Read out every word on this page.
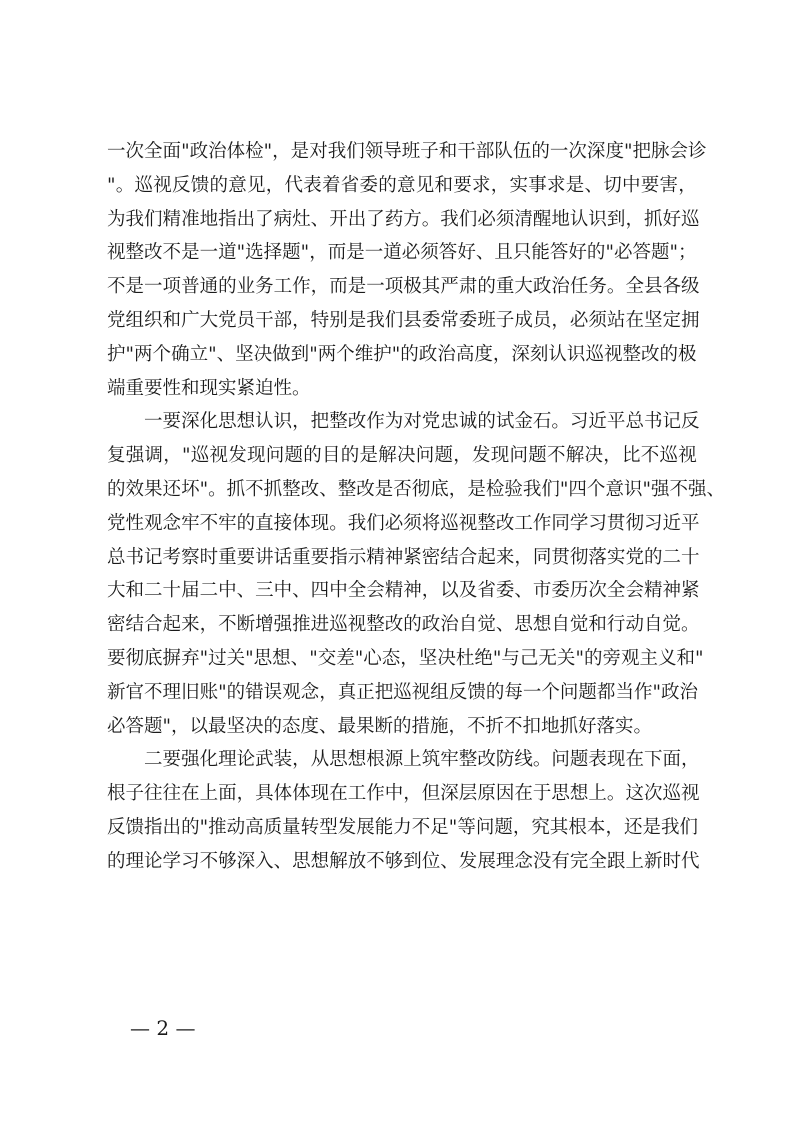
一 次 全 面 " 政 治 体 检 " ， 是 对 我 们 领 导 班 子 和 干 部 队 伍 的 一 次 深 度 " 把 脉 会 诊
" 。 巡 视 反 馈 的 意 见 ， 代 表 着 省 委 的 意 见 和 要 求 ， 实 事 求 是 、 切 中 要 害 ，
为 我 们 精 准 地 指 出 了 病 灶 、 开 出 了 药 方 。 我 们 必 须 清 醒 地 认 识 到 ， 抓 好 巡
视 整 改 不 是 一 道 " 选 择 题 " ， 而 是 一 道 必 须 答 好 、 且 只 能 答 好 的 " 必 答 题 " ；
不 是 一 项 普 通 的 业 务 工 作 ， 而 是 一 项 极 其 严 肃 的 重 大 政 治 任 务 。 全 县 各 级
党 组 织 和 广 大 党 员 干 部 ， 特 别 是 我 们 县 委 常 委 班 子 成 员 ， 必 须 站 在 坚 定 拥
护 " 两 个 确 立 " 、 坚 决 做 到 " 两 个 维 护 " 的 政 治 高 度 ， 深 刻 认 识 巡 视 整 改 的 极
端重要性和现实紧迫性。

一 要 深 化 思 想 认 识 ， 把 整 改 作 为 对 党 忠 诚 的 试 金 石 。 习 近 平 总 书 记 反
复 强 调 ， " 巡 视 发 现 问 题 的 目 的 是 解 决 问 题 ， 发 现 问 题 不 解 决 ， 比 不 巡 视
的 效 果 还 坏 " 。 抓 不 抓 整 改 、 整 改 是 否 彻 底 ， 是 检 验 我 们 " 四 个 意 识 " 强 不 强 、
党 性 观 念 牢 不 牢 的 直 接 体 现 。 我 们 必 须 将 巡 视 整 改 工 作 同 学 习 贯 彻 习 近 平
总 书 记 考 察 时 重 要 讲 话 重 要 指 示 精 神 紧 密 结 合 起 来 ， 同 贯 彻 落 实 党 的 二 十
大 和 二 十 届 二 中 、 三 中 、 四 中 全 会 精 神 ， 以 及 省 委 、 市 委 历 次 全 会 精 神 紧
密 结 合 起 来 ， 不 断 增 强 推 进 巡 视 整 改 的 政 治 自 觉 、 思 想 自 觉 和 行 动 自 觉 。
要 彻 底 摒 弃 " 过 关 " 思 想 、 " 交 差 " 心 态 ， 坚 决 杜 绝 " 与 己 无 关 " 的 旁 观 主 义 和 "
新 官 不 理 旧 账 " 的 错 误 观 念 ， 真 正 把 巡 视 组 反 馈 的 每 一 个 问 题 都 当 作 " 政 治
必答题"，以最坚决的态度、最果断的措施，不折不扣地抓好落实。

二 要 强 化 理 论 武 装 ， 从 思 想 根 源 上 筑 牢 整 改 防 线 。 问 题 表 现 在 下 面 ，
根 子 往 往 在 上 面 ， 具 体 体 现 在 工 作 中 ， 但 深 层 原 因 在 于 思 想 上 。 这 次 巡 视
反 馈 指 出 的 " 推 动 高 质 量 转 型 发 展 能 力 不 足 " 等 问 题 ， 究 其 根 本 ， 还 是 我 们
的 理 论 学 习 不 够 深 入 、 思 想 解 放 不 够 到 位 、 发 展 理 念 没 有 完 全 跟 上 新 时 代
— 2 —
